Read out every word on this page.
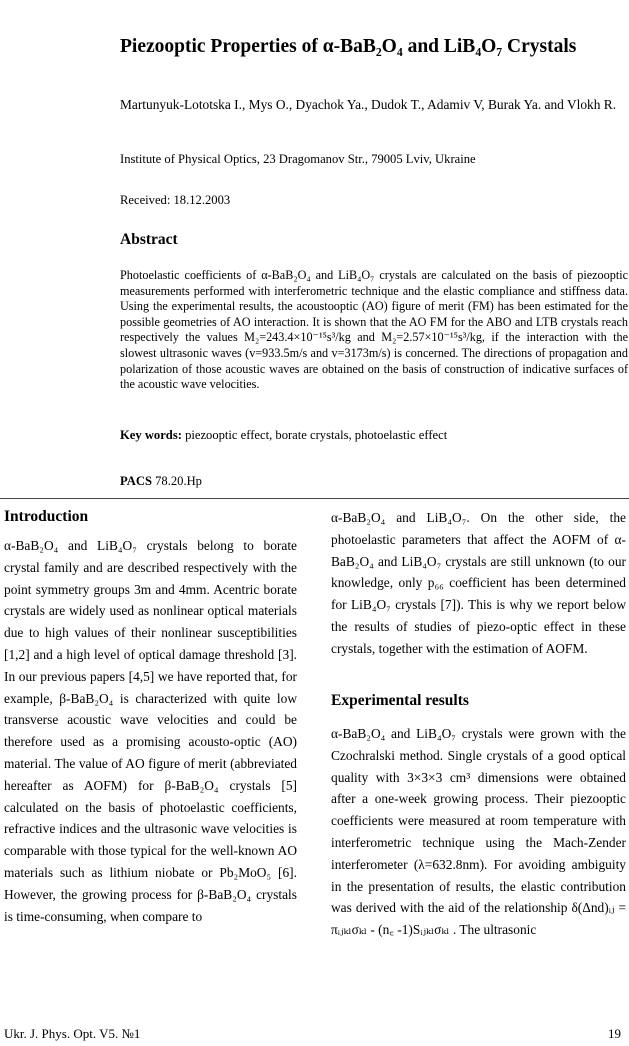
Piezooptic Properties of α-BaB₂O₄ and LiB₄O₇ Crystals
Martunyuk-Lototska I., Mys O., Dyachok Ya., Dudok T., Adamiv V, Burak Ya. and Vlokh R.
Institute of Physical Optics, 23 Dragomanov Str., 79005 Lviv, Ukraine
Received: 18.12.2003
Abstract
Photoelastic coefficients of α-BaB₂O₄ and LiB₄O₇ crystals are calculated on the basis of piezooptic measurements performed with interferometric technique and the elastic compliance and stiffness data. Using the experimental results, the acoustooptic (AO) figure of merit (FM) has been estimated for the possible geometries of AO interaction. It is shown that the AO FM for the ABO and LTB crystals reach respectively the values M₂=243.4×10⁻¹⁵s³/kg and M₂=2.57×10⁻¹⁵s³/kg, if the interaction with the slowest ultrasonic waves (v=933.5m/s and v=3173m/s) is concerned. The directions of propagation and polarization of those acoustic waves are obtained on the basis of construction of indicative surfaces of the acoustic wave velocities.
Key words: piezooptic effect, borate crystals, photoelastic effect
PACS 78.20.Hp
Introduction
α-BaB₂O₄ and LiB₄O₇ crystals belong to borate crystal family and are described respectively with the point symmetry groups 3m and 4mm. Acentric borate crystals are widely used as nonlinear optical materials due to high values of their nonlinear susceptibilities [1,2] and a high level of optical damage threshold [3]. In our previous papers [4,5] we have reported that, for example, β-BaB₂O₄ is characterized with quite low transverse acoustic wave velocities and could be therefore used as a promising acousto-optic (AO) material. The value of AO figure of merit (abbreviated hereafter as AOFM) for β-BaB₂O₄ crystals [5] calculated on the basis of photoelastic coefficients, refractive indices and the ultrasonic wave velocities is comparable with those typical for the well-known AO materials such as lithium niobate or Pb₂MoO₅ [6]. However, the growing process for β-BaB₂O₄ crystals is time-consuming, when compare to
α-BaB₂O₄ and LiB₄O₇. On the other side, the photoelastic parameters that affect the AOFM of α-BaB₂O₄ and LiB₄O₇ crystals are still unknown (to our knowledge, only p₆₆ coefficient has been determined for LiB₄O₇ crystals [7]). This is why we report below the results of studies of piezo-optic effect in these crystals, together with the estimation of AOFM.
Experimental results
α-BaB₂O₄ and LiB₄O₇ crystals were grown with the Czochralski method. Single crystals of a good optical quality with 3×3×3 cm³ dimensions were obtained after a one-week growing process. Their piezooptic coefficients were measured at room temperature with interferometric technique using the Mach-Zender interferometer (λ=632.8nm). For avoiding ambiguity in the presentation of results, the elastic contribution was derived with the aid of the relationship δ(Δnd)ᵢⱼ = πᵢⱼₖₗσₖₗ - (n꜀ -1)Sᵢⱼₖₗσₖₗ . The ultrasonic
Ukr. J. Phys. Opt. V5. №1	19
